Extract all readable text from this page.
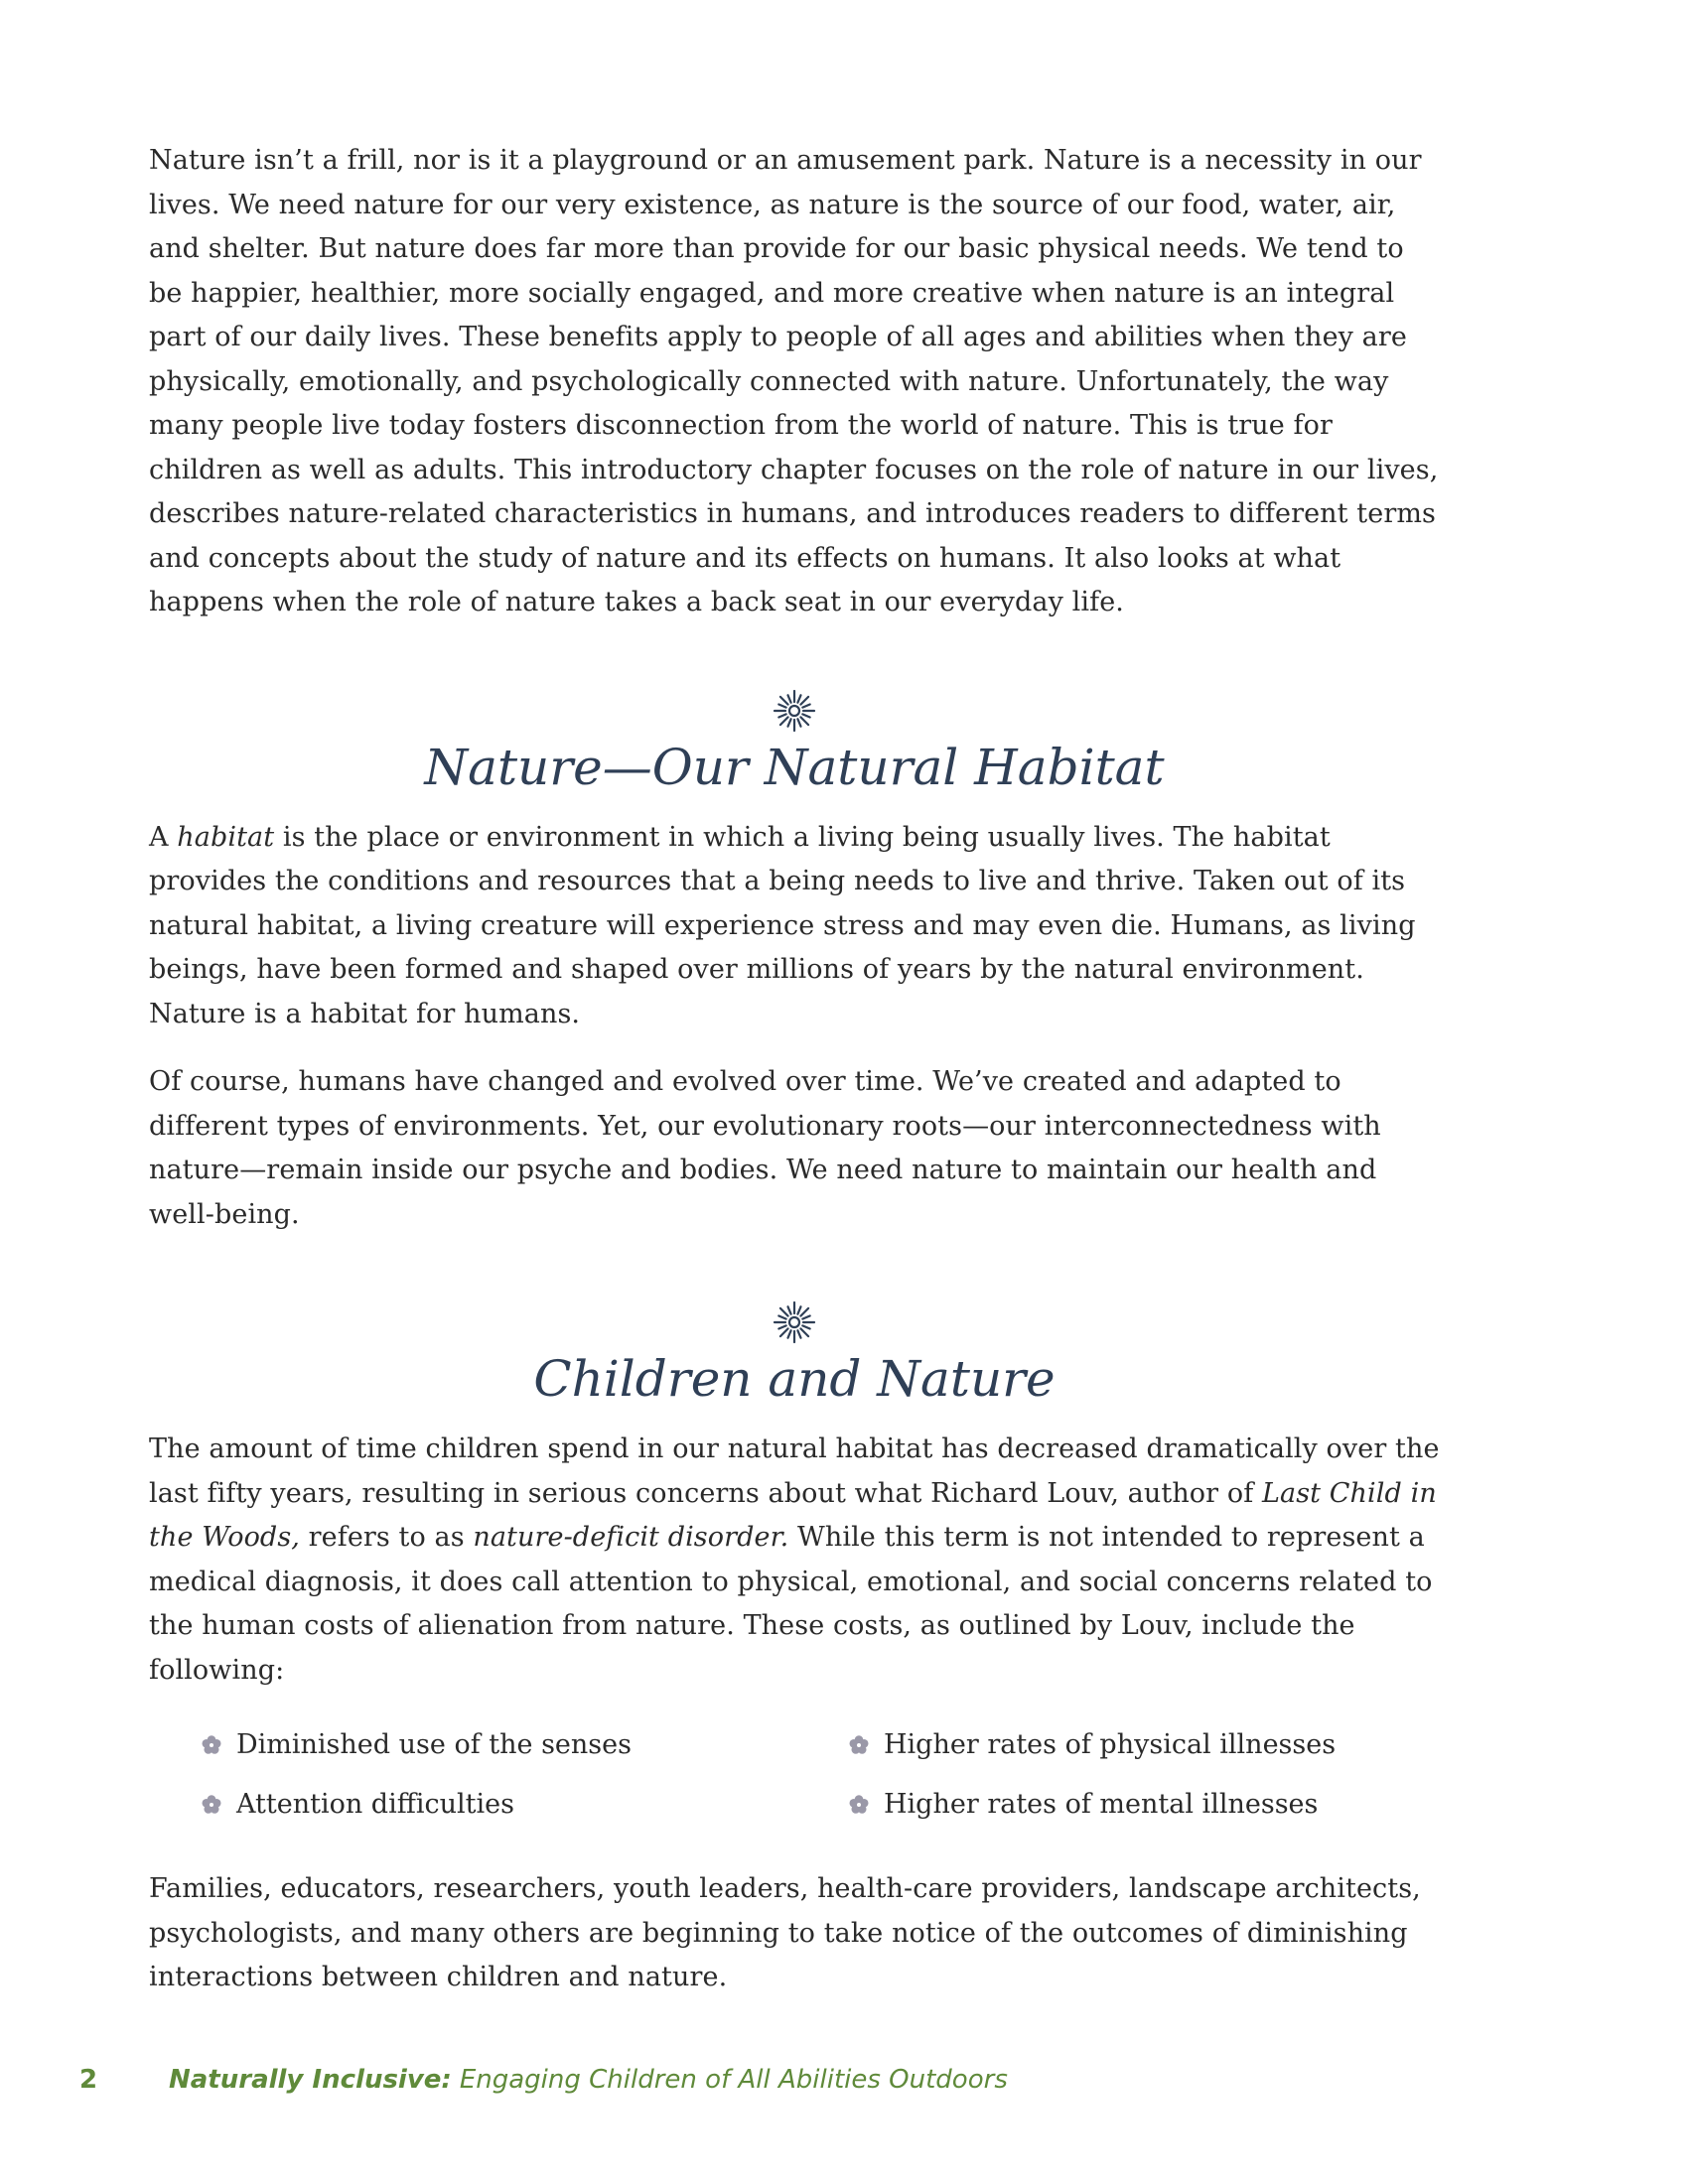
Nature isn’t a frill, nor is it a playground or an amusement park. Nature is a necessity in our lives. We need nature for our very existence, as nature is the source of our food, water, air, and shelter. But nature does far more than provide for our basic physical needs. We tend to be happier, healthier, more socially engaged, and more creative when nature is an integral part of our daily lives. These benefits apply to people of all ages and abilities when they are physically, emotionally, and psychologically connected with nature. Unfortunately, the way many people live today fosters disconnection from the world of nature. This is true for children as well as adults. This introductory chapter focuses on the role of nature in our lives, describes nature-related characteristics in humans, and introduces readers to different terms and concepts about the study of nature and its effects on humans. It also looks at what happens when the role of nature takes a back seat in our everyday life.

Nature—Our Natural Habitat

A habitat is the place or environment in which a living being usually lives. The habitat provides the conditions and resources that a being needs to live and thrive. Taken out of its natural habitat, a living creature will experience stress and may even die. Humans, as living beings, have been formed and shaped over millions of years by the natural environment. Nature is a habitat for humans.

Of course, humans have changed and evolved over time. We’ve created and adapted to different types of environments. Yet, our evolutionary roots—our interconnectedness with nature—remain inside our psyche and bodies. We need nature to maintain our health and well-being.

Children and Nature

The amount of time children spend in our natural habitat has decreased dramatically over the last fifty years, resulting in serious concerns about what Richard Louv, author of Last Child in the Woods, refers to as nature-deficit disorder. While this term is not intended to represent a medical diagnosis, it does call attention to physical, emotional, and social concerns related to the human costs of alienation from nature. These costs, as outlined by Louv, include the following:

Diminished use of the senses	Higher rates of physical illnesses
Attention difficulties	Higher rates of mental illnesses

Families, educators, researchers, youth leaders, health-care providers, landscape architects, psychologists, and many others are beginning to take notice of the outcomes of diminishing interactions between children and nature.

2	Naturally Inclusive: Engaging Children of All Abilities Outdoors
